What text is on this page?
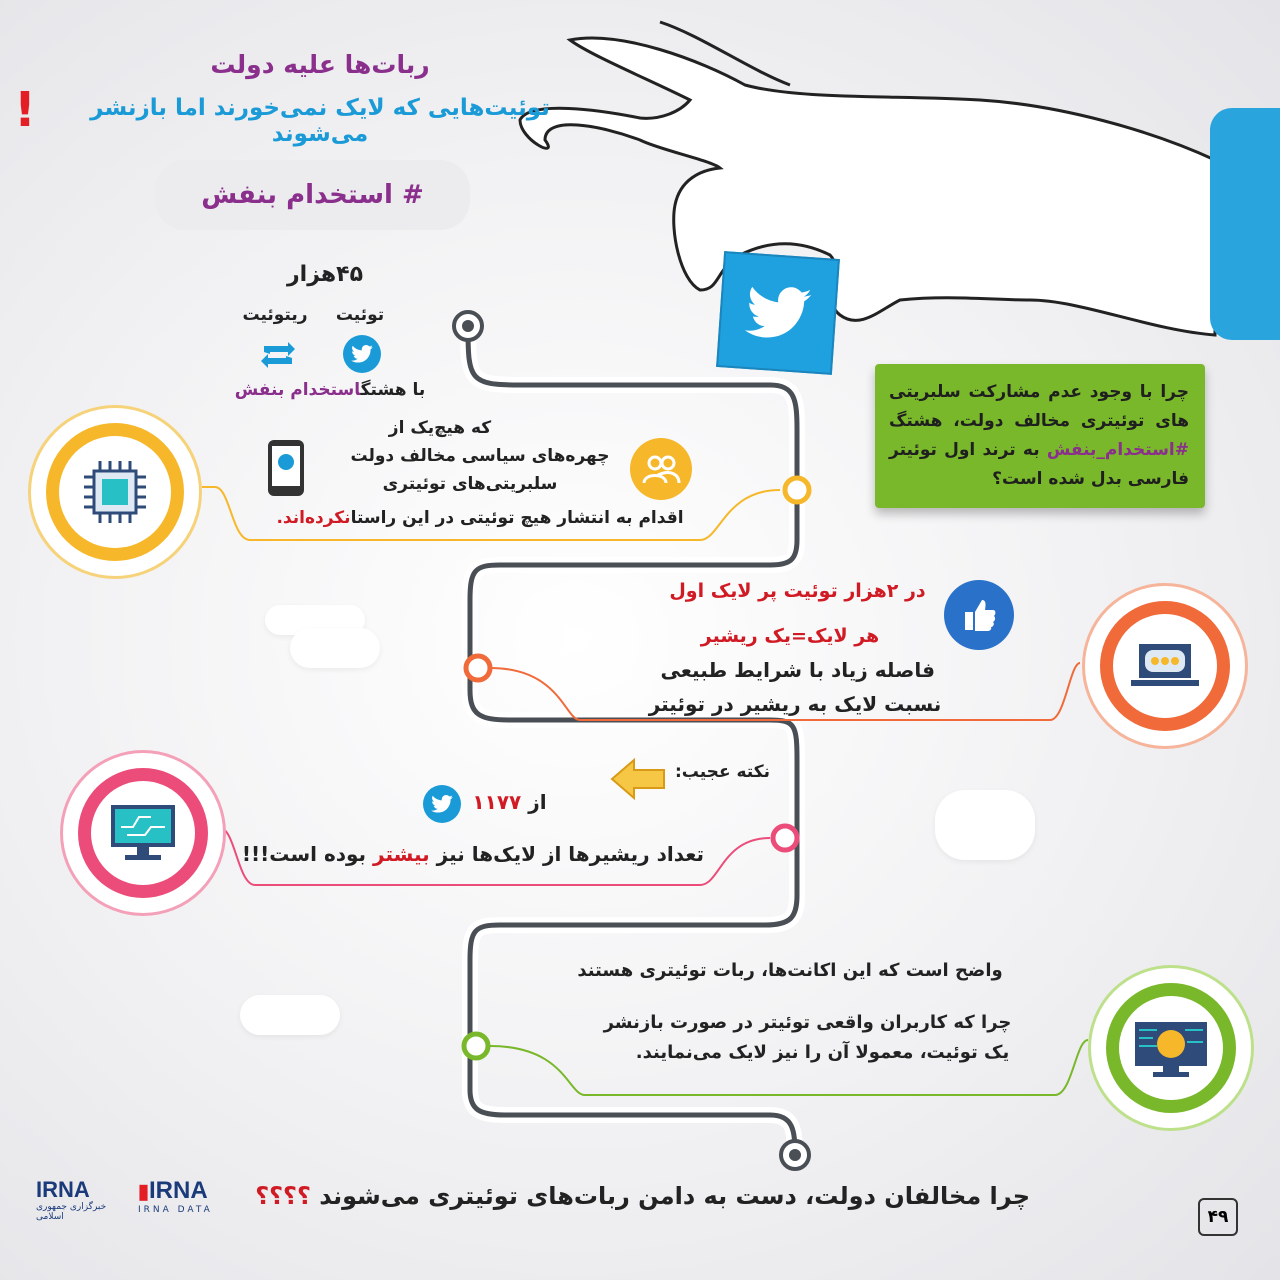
ربات‌ها علیه دولت
توئیت‌هایی که لایک نمی‌خورند اما بازنشر می‌شوند
!
# استخدام بنفش
۴۵هزار
توئیت
ریتوئیت
با هشتگاستخدام بنفش	چرا با وجود عدم مشارکت سلبریتی های توئیتری مخالف دولت، هشتگ #استخدام_بنفش به ترند اول توئیتر فارسی بدل شده است؟

که هیچ‌یک از
چهره‌های سیاسی مخالف دولت
سلبریتی‌های توئیتری
اقدام به انتشار هیچ توئیتی در این راستانکرده‌اند.
در ۲هزار توئیت پر لایک اول
هر لایک=یک ریشیر
فاصله زیاد با شرایط طبیعی
نسبت لایک به ریشیر در توئیتر
نکته عجیب:
از ۱۱۷۷
تعداد ریشیرها از لایک‌ها نیز بیشتر بوده است!!!
واضح است که این اکانت‌ها، ربات توئیتری هستند
چرا که کاربران واقعی توئیتر در صورت بازنشر
یک توئیت، معمولا آن را نیز لایک می‌نمایند.
چرا مخالفان دولت، دست به دامن ربات‌های توئیتری می‌شوند ؟؟؟؟
۴۹
IRNA
خبرگزاری جمهوری اسلامی
▮IRNA
IRNA DATA
